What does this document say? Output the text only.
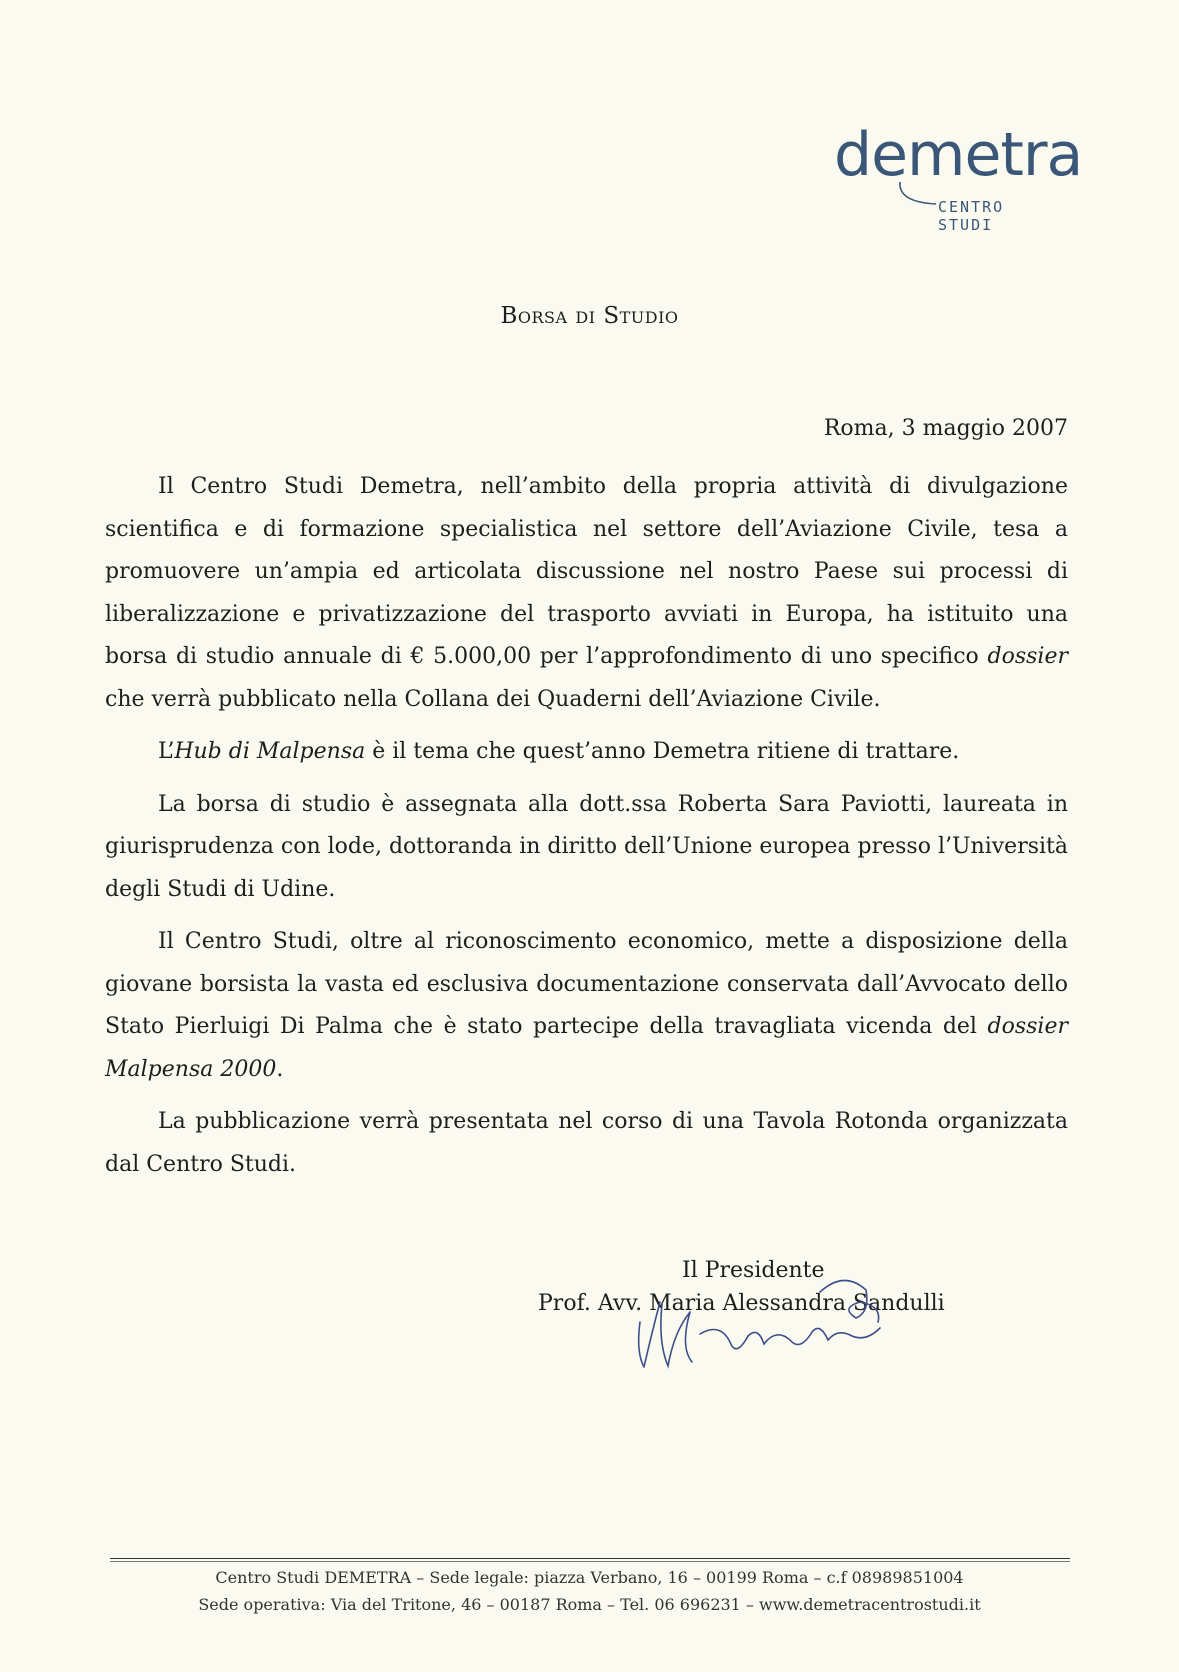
demetra
CENTRO STUDI
Borsa di Studio

Roma, 3 maggio 2007

Il Centro Studi Demetra, nell’ambito della propria attività di divulgazione scientifica e di formazione specialistica nel settore dell’Aviazione Civile, tesa a promuovere un’ampia ed articolata discussione nel nostro Paese sui processi di liberalizzazione e privatizzazione del trasporto avviati in Europa, ha istituito una borsa di studio annuale di € 5.000,00 per l’approfondimento di uno specifico dossier che verrà pubblicato nella Collana dei Quaderni dell’Aviazione Civile.

L’Hub di Malpensa è il tema che quest’anno Demetra ritiene di trattare.

La borsa di studio è assegnata alla dott.ssa Roberta Sara Paviotti, laureata in giurisprudenza con lode, dottoranda in diritto dell’Unione europea presso l’Università degli Studi di Udine.

Il Centro Studi, oltre al riconoscimento economico, mette a disposizione della giovane borsista la vasta ed esclusiva documentazione conservata dall’Avvocato dello Stato Pierluigi Di Palma che è stato partecipe della travagliata vicenda del dossier Malpensa 2000.

La pubblicazione verrà presentata nel corso di una Tavola Rotonda organizzata dal Centro Studi.

Il Presidente
Prof. Avv. Maria Alessandra Sandulli
Centro Studi DEMETRA – Sede legale: piazza Verbano, 16 – 00199 Roma – c.f 08989851004
Sede operativa: Via del Tritone, 46 – 00187 Roma – Tel. 06 696231 – www.demetracentrostudi.it
